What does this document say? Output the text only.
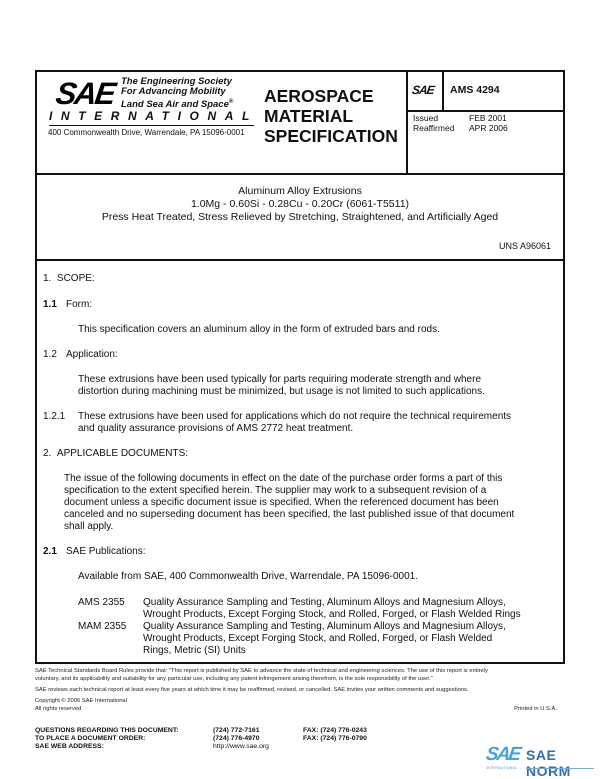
SAE The Engineering Society
For Advancing Mobility
Land Sea Air and Space®
INTERNATIONAL
400 Commonwealth Drive, Warrendale, PA 15096-0001
AEROSPACE
MATERIAL
SPECIFICATION
SAE AMS 4294
Issued	FEB 2001
Reaffirmed APR 2006
Aluminum Alloy Extrusions
1.0Mg - 0.60Si - 0.28Cu - 0.20Cr (6061-T5511)
Press Heat Treated, Stress Relieved by Stretching, Straightened, and Artificially Aged
UNS A96061
1. SCOPE:
1.1 Form:
This specification covers an aluminum alloy in the form of extruded bars and rods.
1.2 Application:
These extrusions have been used typically for parts requiring moderate strength and where
distortion during machining must be minimized, but usage is not limited to such applications.
1.2.1 These extrusions have been used for applications which do not require the technical requirements
and quality assurance provisions of AMS 2772 heat treatment.
2. APPLICABLE DOCUMENTS:
The issue of the following documents in effect on the date of the purchase order forms a part of this
specification to the extent specified herein. The supplier may work to a subsequent revision of a
document unless a specific document issue is specified. When the referenced document has been
canceled and no superseding document has been specified, the last published issue of that document
shall apply.
2.1 SAE Publications:
Available from SAE, 400 Commonwealth Drive, Warrendale, PA 15096-0001.
AMS 2355 Quality Assurance Sampling and Testing, Aluminum Alloys and Magnesium Alloys,
Wrought Products, Except Forging Stock, and Rolled, Forged, or Flash Welded Rings
MAM 2355 Quality Assurance Sampling and Testing, Aluminum Alloys and Magnesium Alloys,
Wrought Products, Except Forging Stock, and Rolled, Forged, or Flash Welded
Rings, Metric (SI) Units
SAE Technical Standards Board Rules provide that: "This report is published by SAE to advance the state of technical and engineering sciences. The use of this report is entirely
voluntary, and its applicability and suitability for any particular use, including any patent infringement arising therefrom, is the sole responsibility of the user."
SAE reviews each technical report at least every five years at which time it may be reaffirmed, revised, or cancelled. SAE invites your written comments and suggestions.
Copyright © 2006 SAE International
All rights reserved	Printed in U.S.A.
QUESTIONS REGARDING THIS DOCUMENT:	(724) 772-7161	FAX: (724) 776-0243
TO PLACE A DOCUMENT ORDER:	(724) 776-4970	FAX: (724) 776-0790
SAE WEB ADDRESS:	http://www.sae.org	SAE SAE NORM
INTERNATIONAL
